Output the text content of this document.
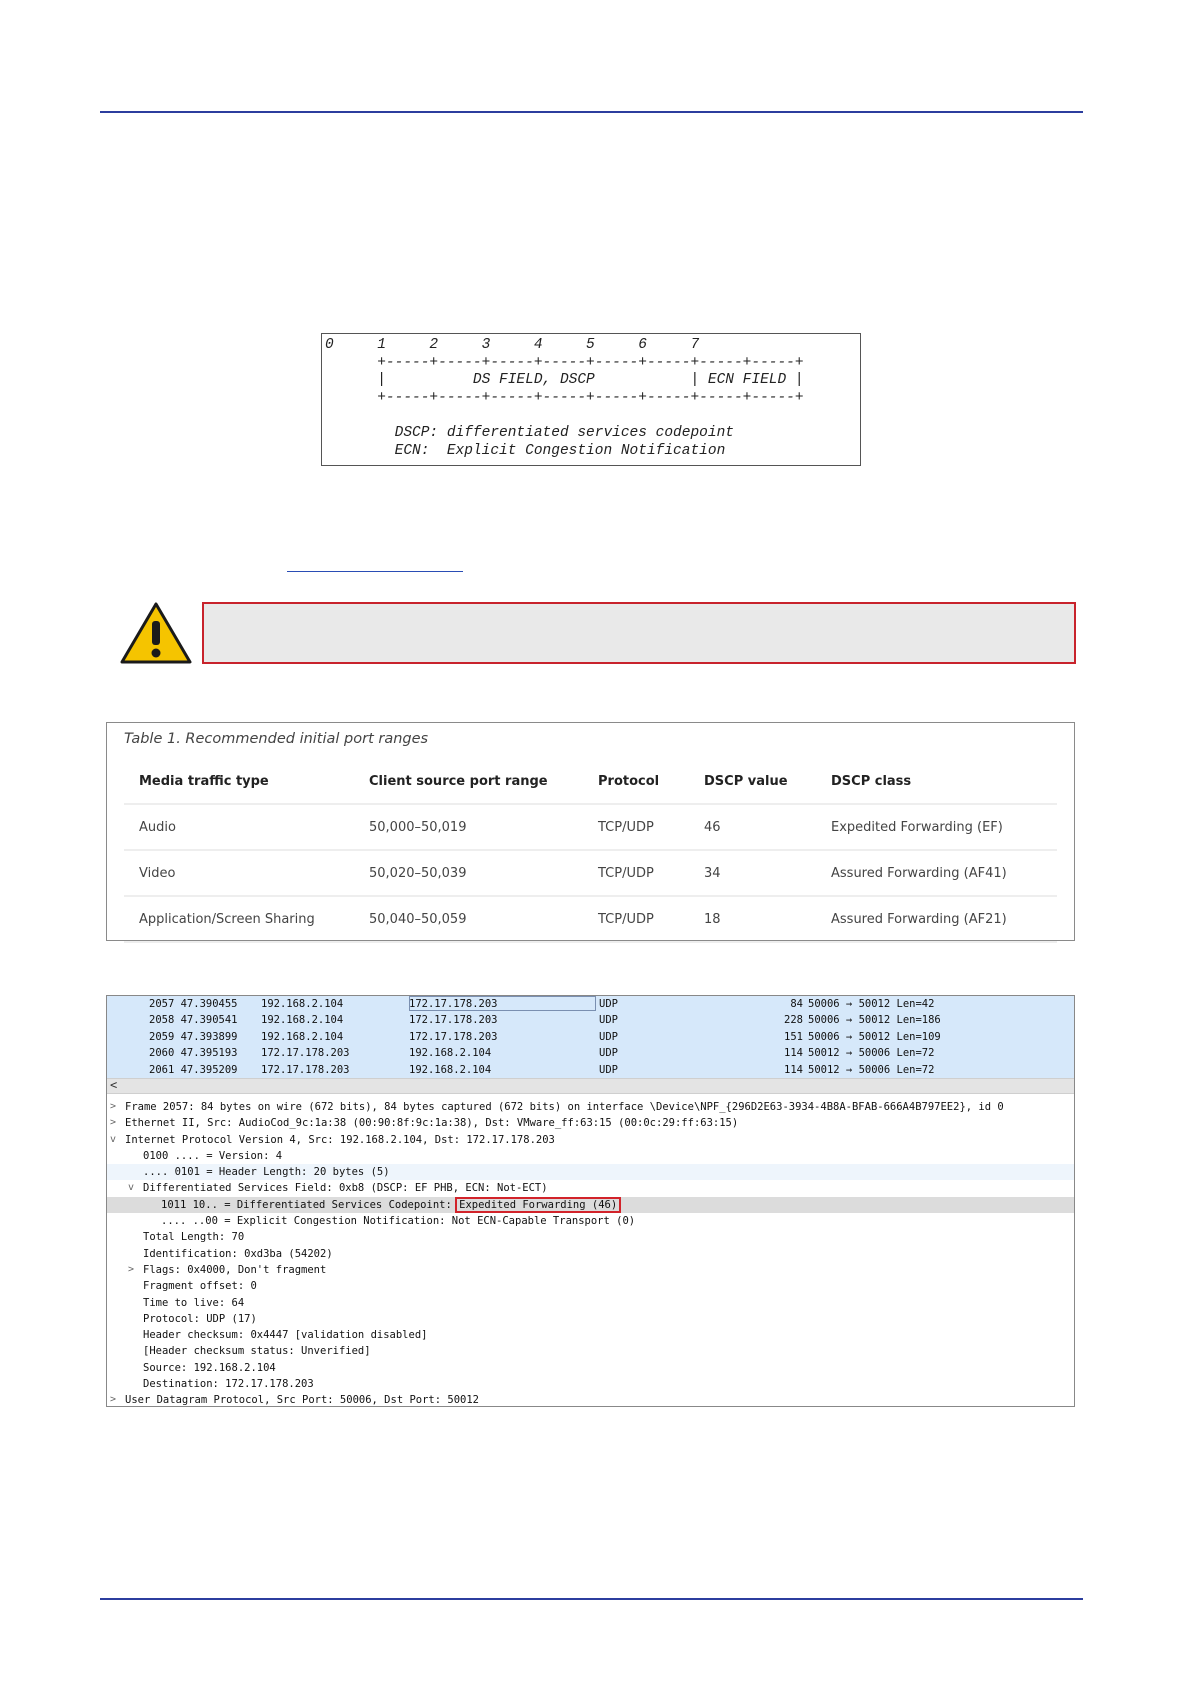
0     1     2     3     4     5     6     7
+-----+-----+-----+-----+-----+-----+-----+-----+
|          DS FIELD, DSCP           | ECN FIELD |
+-----+-----+-----+-----+-----+-----+-----+-----+

DSCP: differentiated services codepoint
ECN:  Explicit Congestion Notification
Table 1. Recommended initial port ranges
Media traffic type	Client source port range	Protocol	DSCP value	DSCP class
Audio	50,000–50,019	TCP/UDP	46	Expedited Forwarding (EF)
Video	50,020–50,039	TCP/UDP	34	Assured Forwarding (AF41)
Application/Screen Sharing	50,040–50,059	TCP/UDP	18	Assured Forwarding (AF21)
2057 47.390455 192.168.2.104	172.17.178.203	UDP	84 50006 → 50012 Len=42
2058 47.390541 192.168.2.104	172.17.178.203	UDP	228 50006 → 50012 Len=186
2059 47.393899 192.168.2.104	172.17.178.203	UDP	151 50006 → 50012 Len=109
2060 47.395193 172.17.178.203	192.168.2.104	UDP	114 50012 → 50006 Len=72
2061 47.395209 172.17.178.203	192.168.2.104	UDP	114 50012 → 50006 Len=72
<

>

Frame 2057: 84 bytes on wire (672 bits), 84 bytes captured (672 bits) on interface \Device\NPF_{296D2E63-3934-4B8A-BFAB-666A4B797EE2}, id 0

>

Ethernet II, Src: AudioCod_9c:1a:38 (00:90:8f:9c:1a:38), Dst: VMware_ff:63:15 (00:0c:29:ff:63:15)

v

Internet Protocol Version 4, Src: 192.168.2.104, Dst: 172.17.178.203

0100 .... = Version: 4

.... 0101 = Header Length: 20 bytes (5)

v

Differentiated Services Field: 0xb8 (DSCP: EF PHB, ECN: Not-ECT)

1011 10.. = Differentiated Services Codepoint: Expedited Forwarding (46)

.... ..00 = Explicit Congestion Notification: Not ECN-Capable Transport (0)

Total Length: 70

Identification: 0xd3ba (54202)

>

Flags: 0x4000, Don't fragment

Fragment offset: 0

Time to live: 64

Protocol: UDP (17)

Header checksum: 0x4447 [validation disabled]

[Header checksum status: Unverified]

Source: 192.168.2.104

Destination: 172.17.178.203

>

User Datagram Protocol, Src Port: 50006, Dst Port: 50012
